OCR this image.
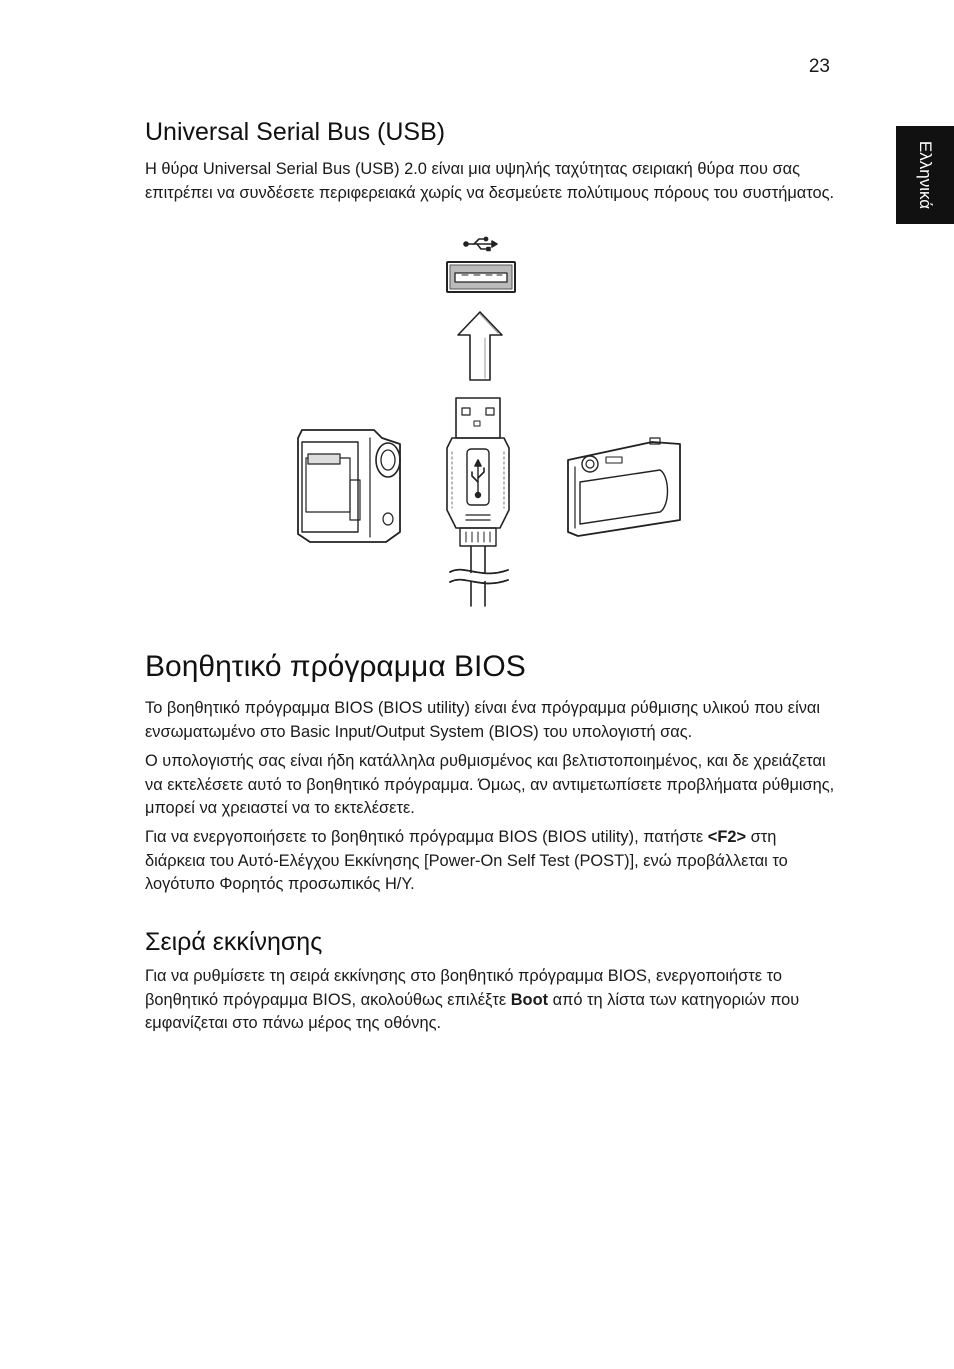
23
Ελληνικά
Universal Serial Bus (USB)

Η θύρα Universal Serial Bus (USB) 2.0 είναι μια υψηλής ταχύτητας σειριακή θύρα που σας επιτρέπει να συνδέσετε περιφερειακά χωρίς να δεσμεύετε πολύτιμους πόρους του συστήματος.

Βοηθητικό πρόγραμμα BIOS

Το βοηθητικό πρόγραμμα BIOS (BIOS utility) είναι ένα πρόγραμμα ρύθμισης υλικού που είναι ενσωματωμένο στο Basic Input/Output System (BIOS) του υπολογιστή σας.

Ο υπολογιστής σας είναι ήδη κατάλληλα ρυθμισμένος και βελτιστοποιημένος, και δε χρειάζεται να εκτελέσετε αυτό το βοηθητικό πρόγραμμα. Όμως, αν αντιμετωπίσετε προβλήματα ρύθμισης, μπορεί να χρειαστεί να το εκτελέσετε.

Για να ενεργοποιήσετε το βοηθητικό πρόγραμμα BIOS (BIOS utility), πατήστε <F2> στη διάρκεια του Αυτό-Ελέγχου Εκκίνησης [Power-On Self Test (POST)], ενώ προβάλλεται το λογότυπο Φορητός προσωπικός Η/Υ.

Σειρά εκκίνησης

Για να ρυθμίσετε τη σειρά εκκίνησης στο βοηθητικό πρόγραμμα BIOS, ενεργοποιήστε το βοηθητικό πρόγραμμα BIOS, ακολούθως επιλέξτε Boot από τη λίστα των κατηγοριών που εμφανίζεται στο πάνω μέρος της οθόνης.
